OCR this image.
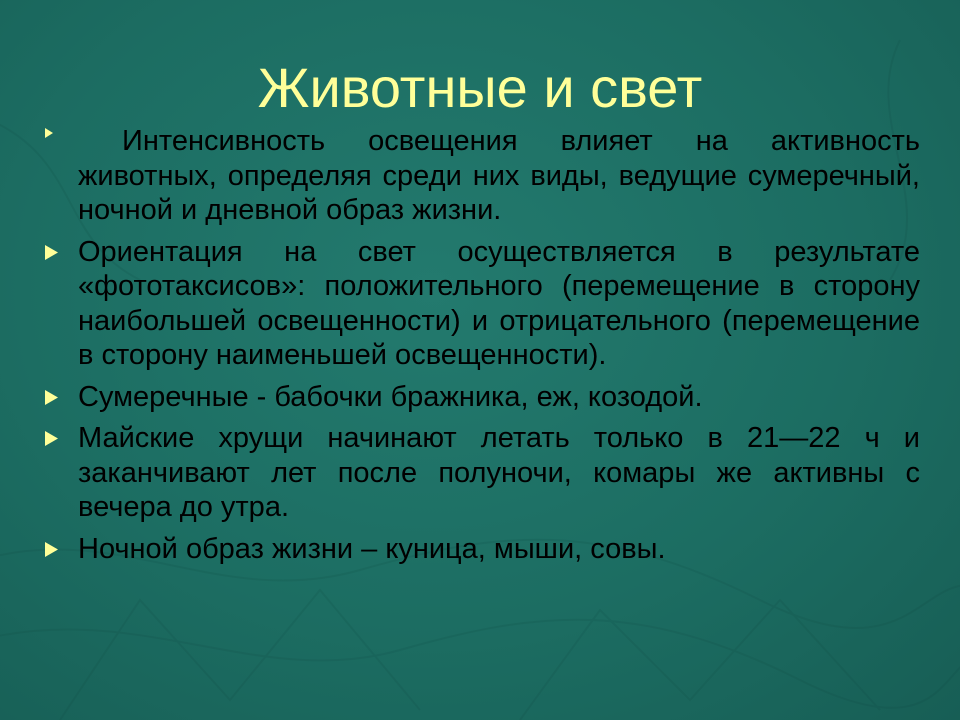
Животные и свет
Интенсивность освещения влияет на активность животных, определяя среди них виды, ведущие сумеречный, ночной и дневной образ жизни.
Ориентация на свет осуществляется в результате «фототаксисов»: положительного (перемещение в сторону наибольшей освещенности) и отрицательного (перемещение в сторону наименьшей освещенности).
Сумеречные - бабочки бражника, еж, козодой.
Майские хрущи начинают летать только в 21—22 ч и заканчивают лет после полуночи, комары же активны с вечера до утра.
Ночной образ жизни – куница, мыши, совы.
